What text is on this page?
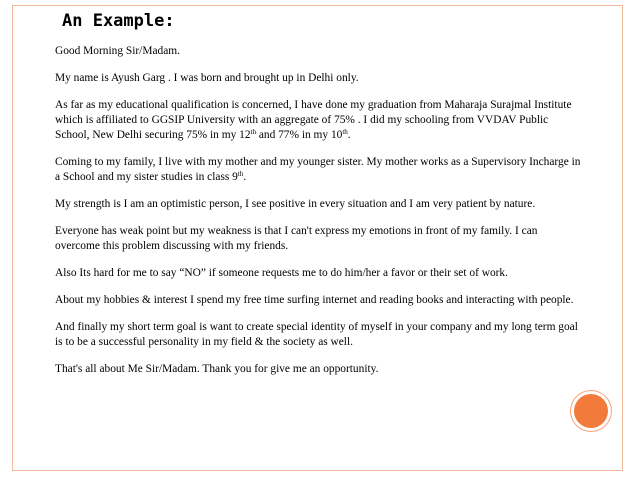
An Example:

Good Morning Sir/Madam.

My name is Ayush Garg . I was born and brought up in Delhi only.

As far as my educational qualification is concerned, I have done my graduation from Maharaja Surajmal Institute which is affiliated to GGSIP University with an aggregate of 75% . I did my schooling from VVDAV Public School, New Delhi securing 75% in my 12th and 77% in my 10th.

Coming to my family, I live with my mother and my younger sister. My mother works as a Supervisory Incharge in a School and my sister studies in class 9th.

My strength is I am an optimistic person, I see positive in every situation and I am very patient by nature.

Everyone has weak point but my weakness is that I can't express my emotions in front of my family. I can overcome this problem discussing with my friends.

Also Its hard for me to say “NO” if someone requests me to do him/her a favor or their set of work.

About my hobbies & interest I spend my free time surfing internet and reading books and interacting with people.

And finally my short term goal is want to create special identity of myself in your company and my long term goal is to be a successful personality in my field & the society as well.

That's all about Me Sir/Madam. Thank you for give me an opportunity.
